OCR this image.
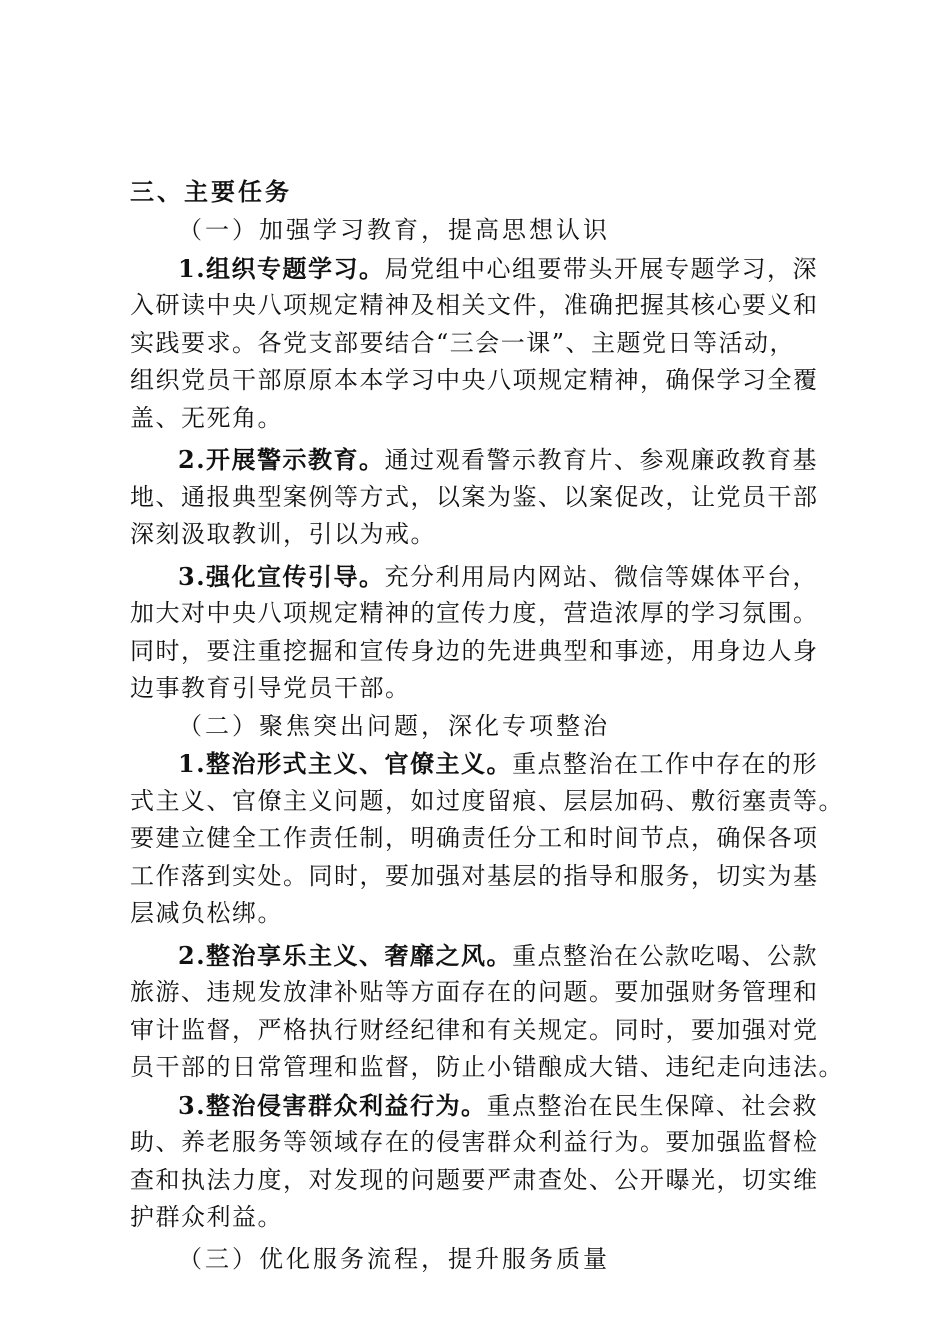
三、主要任务
（一）加强学习教育，提高思想认识
1.组织专题学习。局党组中心组要带头开展专题学习，深
入研读中央八项规定精神及相关文件，准确把握其核心要义和
实践要求。各党支部要结合“三会一课”、主题党日等活动，
组织党员干部原原本本学习中央八项规定精神，确保学习全覆
盖、无死角。
2.开展警示教育。通过观看警示教育片、参观廉政教育基
地、通报典型案例等方式，以案为鉴、以案促改，让党员干部
深刻汲取教训，引以为戒。
3.强化宣传引导。充分利用局内网站、微信等媒体平台，
加大对中央八项规定精神的宣传力度，营造浓厚的学习氛围。
同时，要注重挖掘和宣传身边的先进典型和事迹，用身边人身
边事教育引导党员干部。
（二）聚焦突出问题，深化专项整治
1.整治形式主义、官僚主义。重点整治在工作中存在的形
式主义、官僚主义问题，如过度留痕、层层加码、敷衍塞责等。
要建立健全工作责任制，明确责任分工和时间节点，确保各项
工作落到实处。同时，要加强对基层的指导和服务，切实为基
层减负松绑。
2.整治享乐主义、奢靡之风。重点整治在公款吃喝、公款
旅游、违规发放津补贴等方面存在的问题。要加强财务管理和
审计监督，严格执行财经纪律和有关规定。同时，要加强对党
员干部的日常管理和监督，防止小错酿成大错、违纪走向违法。
3.整治侵害群众利益行为。重点整治在民生保障、社会救
助、养老服务等领域存在的侵害群众利益行为。要加强监督检
查和执法力度，对发现的问题要严肃查处、公开曝光，切实维
护群众利益。
（三）优化服务流程，提升服务质量
